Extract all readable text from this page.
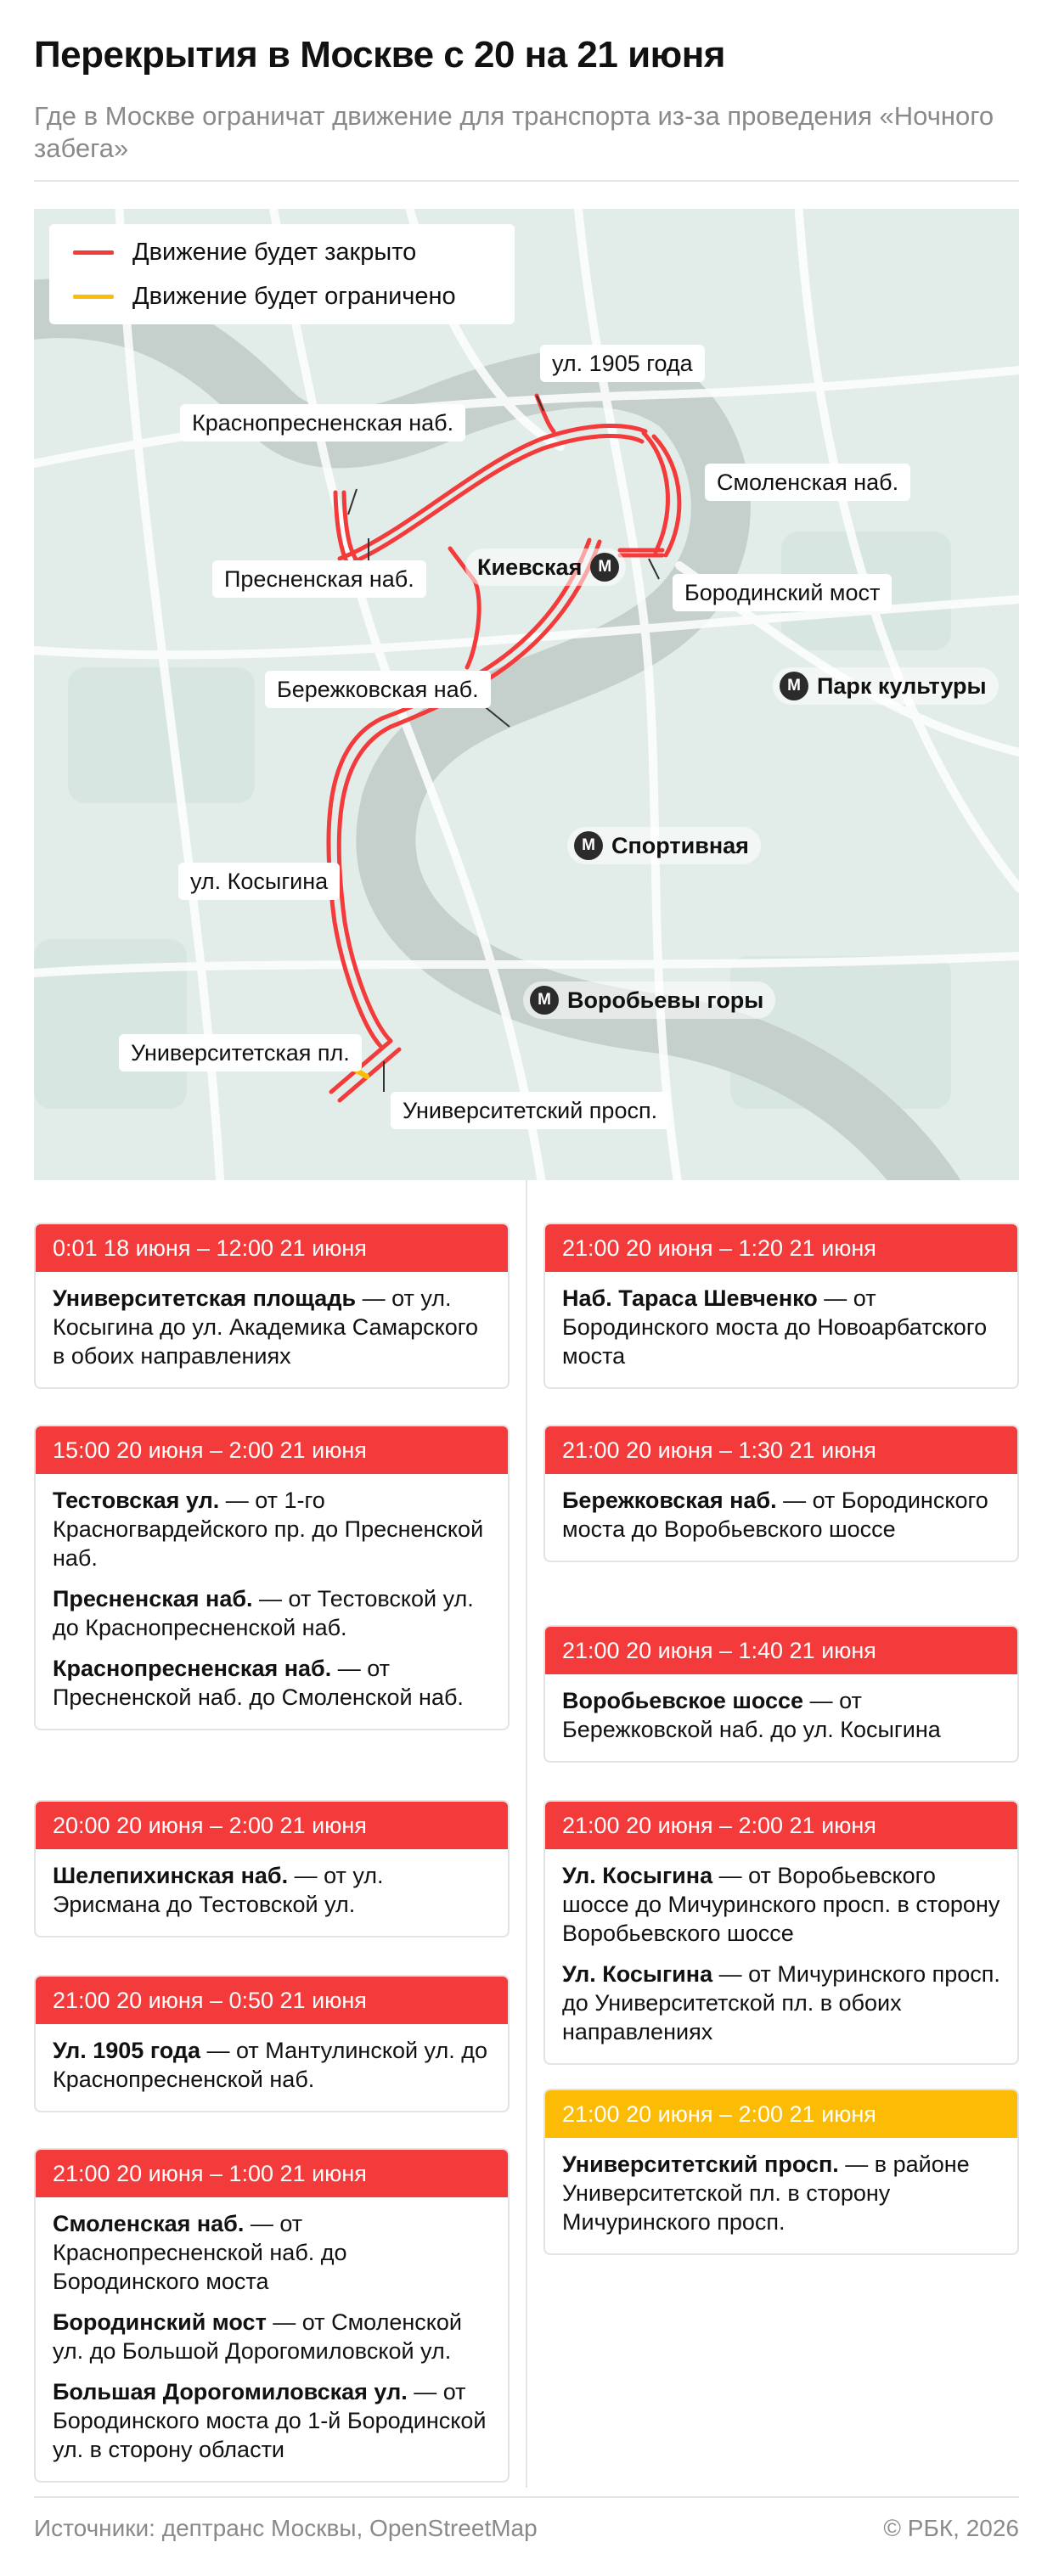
Перекрытия в Москве с 20 на 21 июня
Где в Москве ограничат движение для транспорта из-за проведения «Ночного забега»
Движение будет закрыто
Движение будет ограничено
ул. 1905 года
Краснопресненская наб.
Смоленская наб.
Пресненская наб.
Бородинский мост
Бережковская наб.
ул. Косыгина
Университетская пл.
Университетский просп.
М
Киевская
М Парк культуры
М Спортивная
М Воробьевы горы
0:01 18 июня – 12:00 21 июня
Университетская площадь — от ул. Косыгина до ул. Академика Самарского в обоих направлениях
15:00 20 июня – 2:00 21 июня
Тестовская ул. — от 1-го Красногвардейского пр. до Пресненской наб.
Пресненская наб. — от Тестовской ул. до Краснопресненской наб.
Краснопресненская наб. — от Пресненской наб. до Смоленской наб.
20:00 20 июня – 2:00 21 июня
Шелепихинская наб. — от ул. Эрисмана до Тестовской ул.
21:00 20 июня – 0:50 21 июня
Ул. 1905 года — от Мантулинской ул. до Краснопресненской наб.
21:00 20 июня – 1:00 21 июня
Смоленская наб. — от Краснопресненской наб. до Бородинского моста
Бородинский мост — от Смоленской ул. до Большой Дорогомиловской ул.
Большая Дорогомиловская ул. — от Бородинского моста до 1-й Бородинской ул. в сторону области
21:00 20 июня – 1:20 21 июня
Наб. Тараса Шевченко — от Бородинского моста до Новоарбатского моста
21:00 20 июня – 1:30 21 июня
Бережковская наб. — от Бородинского моста до Воробьевского шоссе
21:00 20 июня – 1:40 21 июня
Воробьевское шоссе — от Бережковской наб. до ул. Косыгина
21:00 20 июня – 2:00 21 июня
Ул. Косыгина — от Воробьевского шоссе до Мичуринского просп. в сторону Воробьевского шоссе
Ул. Косыгина — от Мичуринского просп. до Университетской пл. в обоих направлениях
21:00 20 июня – 2:00 21 июня
Университетский просп. — в районе Университетской пл. в сторону Мичуринского просп.
Источники: дептранс Москвы, OpenStreetMap	© РБК, 2026
